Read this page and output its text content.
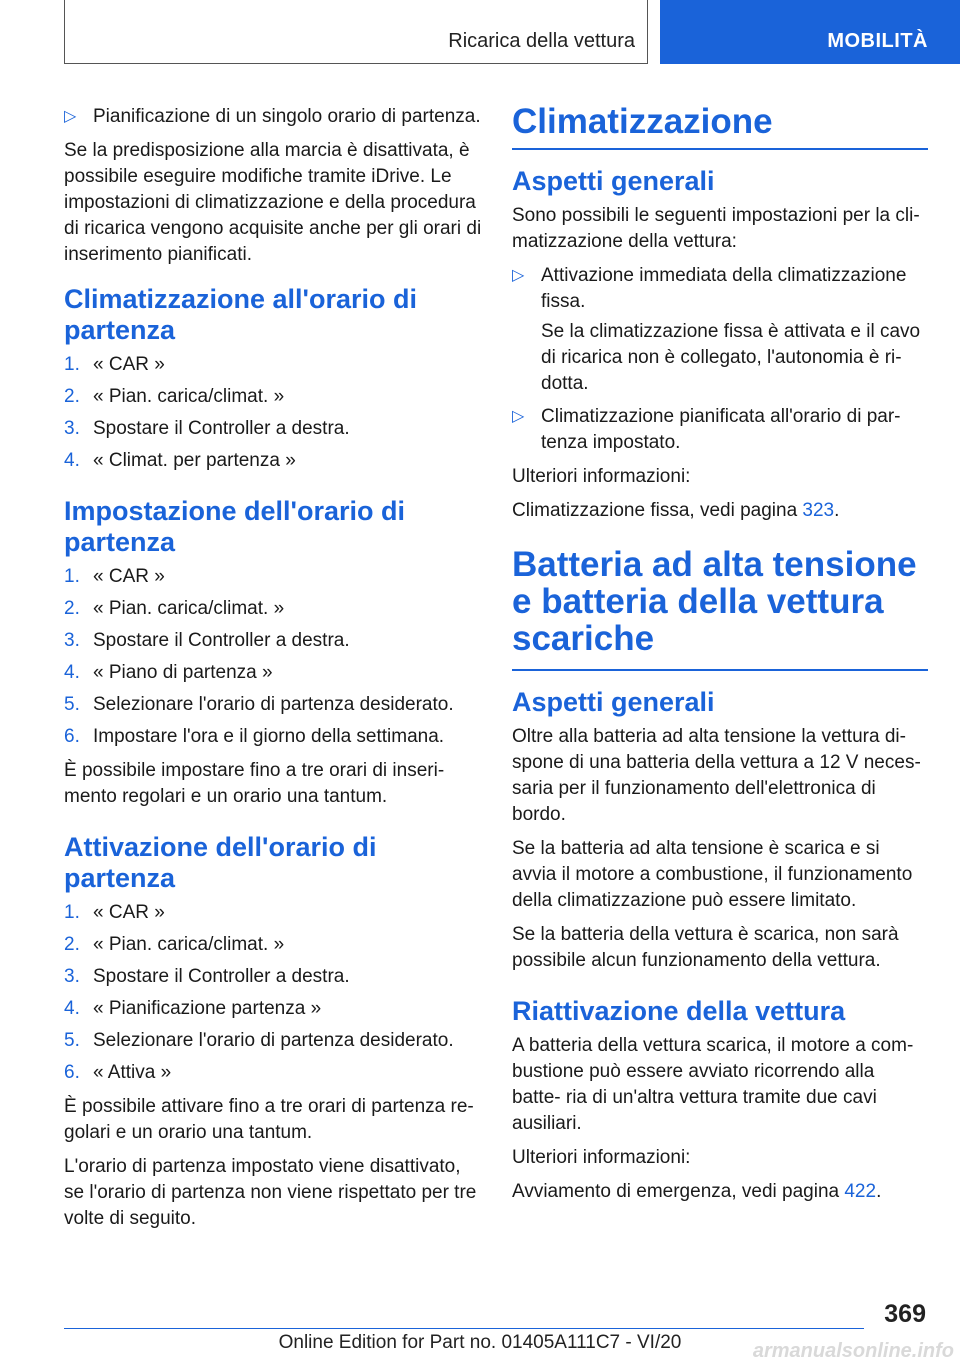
Ricarica della vettura	MOBILITÀ
▷ Pianificazione di un singolo orario di partenza.

Se la predisposizione alla marcia è disattivata, è possibile eseguire modifiche tramite iDrive. Le impostazioni di climatizzazione e della procedura di ricarica vengono acquisite anche per gli orari di inserimento pianificati.

Climatizzazione all'orario di partenza
1. « CAR »
2. « Pian. carica/climat. »
3. Spostare il Controller a destra.
4. « Climat. per partenza »
Impostazione dell'orario di partenza
1. « CAR »
2. « Pian. carica/climat. »
3. Spostare il Controller a destra.
4. « Piano di partenza »
5. Selezionare l'orario di partenza desiderato.
6. Impostare l'ora e il giorno della settimana.

È possibile impostare fino a tre orari di inseri- mento regolari e un orario una tantum.

Attivazione dell'orario di partenza
1. « CAR »
2. « Pian. carica/climat. »
3. Spostare il Controller a destra.
4. « Pianificazione partenza »
5. Selezionare l'orario di partenza desiderato.
6. « Attiva »

È possibile attivare fino a tre orari di partenza re- golari e un orario una tantum.

L'orario di partenza impostato viene disattivato, se l'orario di partenza non viene rispettato per tre volte di seguito.

Climatizzazione
Aspetti generali

Sono possibili le seguenti impostazioni per la cli- matizzazione della vettura:

▷ Attivazione immediata della climatizzazione fissa.

Se la climatizzazione fissa è attivata e il cavo di ricarica non è collegato, l'autonomia è ri- dotta.

▷ Climatizzazione pianificata all'orario di par- tenza impostato.

Ulteriori informazioni:

Climatizzazione fissa, vedi pagina 323.

Batteria ad alta tensione e batteria della vettura scariche
Aspetti generali

Oltre alla batteria ad alta tensione la vettura di- spone di una batteria della vettura a 12 V neces- saria per il funzionamento dell'elettronica di bordo.

Se la batteria ad alta tensione è scarica e si avvia il motore a combustione, il funzionamento della climatizzazione può essere limitato.

Se la batteria della vettura è scarica, non sarà possibile alcun funzionamento della vettura.

Riattivazione della vettura

A batteria della vettura scarica, il motore a com- bustione può essere avviato ricorrendo alla batte- ria di un'altra vettura tramite due cavi ausiliari.

Ulteriori informazioni:

Avviamento di emergenza, vedi pagina 422.

369
Online Edition for Part no. 01405A111C7 - VI/20	armanualsonline.info
